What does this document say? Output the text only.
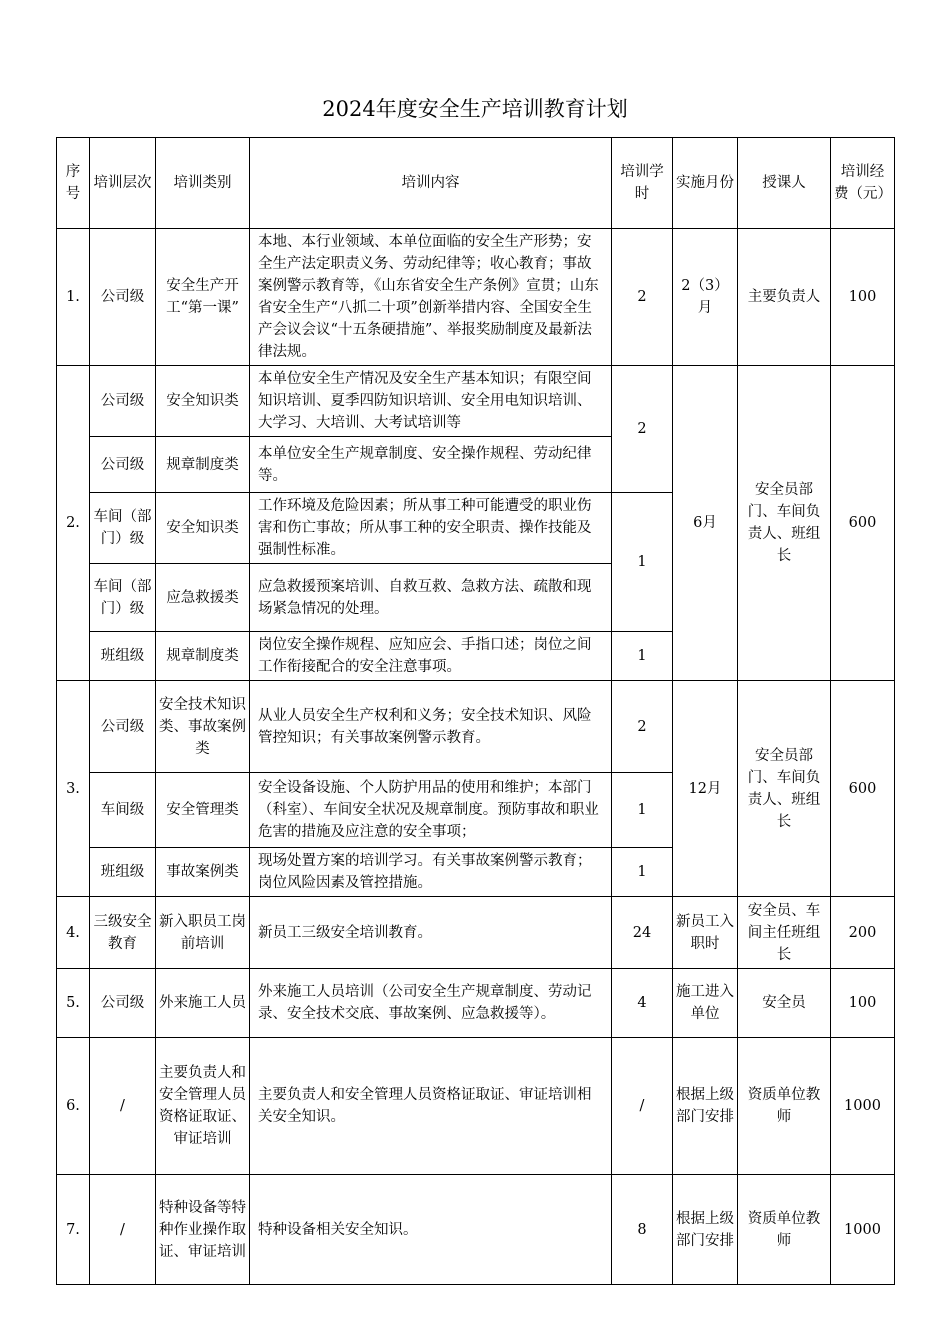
2024年度安全生产培训教育计划
序号	培训层次	培训类别	培训内容	培训学时	实施月份	授课人	培训经费（元）
1.	公司级	安全生产开工“第一课”	本地、本行业领域、本单位面临的安全生产形势；安全生产法定职责义务、劳动纪律等；收心教育；事故案例警示教育等，《山东省安全生产条例》宣贯；山东省安全生产“八抓二十项”创新举措内容、全国安全生产会议会议“十五条硬措施”、举报奖励制度及最新法律法规。	2	2（3）月	主要负责人	100
2.	公司级	安全知识类	本单位安全生产情况及安全生产基本知识；有限空间知识培训、夏季四防知识培训、安全用电知识培训、大学习、大培训、大考试培训等	2	6月	安全员部门、车间负责人、班组长	600
	公司级	规章制度类	本单位安全生产规章制度、安全操作规程、劳动纪律等。				
	车间（部门）级	安全知识类	工作环境及危险因素；所从事工种可能遭受的职业伤害和伤亡事故；所从事工种的安全职责、操作技能及强制性标准。	1			
	车间（部门）级	应急救援类	应急救援预案培训、自救互救、急救方法、疏散和现场紧急情况的处理。				
	班组级	规章制度类	岗位安全操作规程、应知应会、手指口述；岗位之间工作衔接配合的安全注意事项。	1			
3.	公司级	安全技术知识类、事故案例类	从业人员安全生产权利和义务；安全技术知识、风险管控知识；有关事故案例警示教育。	2	12月	安全员部门、车间负责人、班组长	600
	车间级	安全管理类	安全设备设施、个人防护用品的使用和维护；本部门（科室）、车间安全状况及规章制度。预防事故和职业危害的措施及应注意的安全事项；	1			
	班组级	事故案例类	现场处置方案的培训学习。有关事故案例警示教育；岗位风险因素及管控措施。	1			
4.	三级安全教育	新入职员工岗前培训	新员工三级安全培训教育。	24	新员工入职时	安全员、车间主任班组长	200
5.	公司级	外来施工人员	外来施工人员培训（公司安全生产规章制度、劳动记录、安全技术交底、事故案例、应急救援等）。	4	施工进入单位	安全员	100
6.	/	主要负责人和安全管理人员资格证取证、审证培训	主要负责人和安全管理人员资格证取证、审证培训相关安全知识。	/	根据上级部门安排	资质单位教师	1000
7.	/	特种设备等特种作业操作取证、审证培训	特种设备相关安全知识。	8	根据上级部门安排	资质单位教师	1000
